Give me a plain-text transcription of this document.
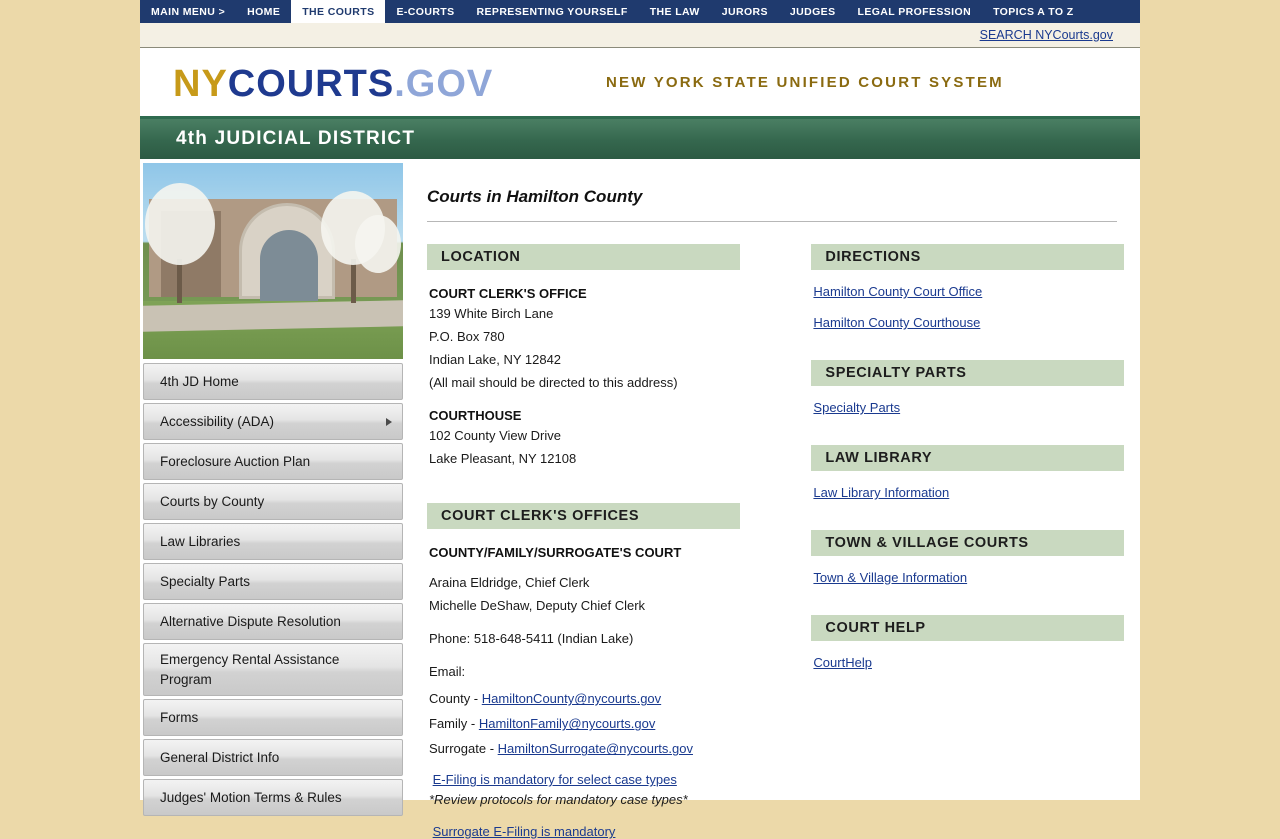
MAIN MENU >	HOME	THE COURTS	E-COURTS	REPRESENTING YOURSELF	THE LAW	JURORS	JUDGES	LEGAL PROFESSION	TOPICS A TO Z
SEARCH NYCourts.gov
NYCOURTS.GOV	NEW YORK STATE UNIFIED COURT SYSTEM
4th JUDICIAL DISTRICT
4th JD Home
Accessibility (ADA)
Foreclosure Auction Plan
Courts by County
Law Libraries
Specialty Parts
Alternative Dispute Resolution
Emergency Rental Assistance Program
Forms
General District Info
Judges' Motion Terms & Rules
Courts in Hamilton County
LOCATION
COURT CLERK'S OFFICE
139 White Birch Lane
P.O. Box 780
Indian Lake, NY 12842
(All mail should be directed to this address)
COURTHOUSE
102 County View Drive
Lake Pleasant, NY 12108
COURT CLERK'S OFFICES
COUNTY/FAMILY/SURROGATE'S COURT
Araina Eldridge, Chief Clerk
Michelle DeShaw, Deputy Chief Clerk
Phone: 518-648-5411 (Indian Lake)
Email:
County - HamiltonCounty@nycourts.gov
Family - HamiltonFamily@nycourts.gov
Surrogate - HamiltonSurrogate@nycourts.gov
E-Filing is mandatory for select case types
*Review protocols for mandatory case types*
Surrogate E-Filing is mandatory
DIRECTIONS
Hamilton County Court Office
Hamilton County Courthouse
SPECIALTY PARTS
Specialty Parts
LAW LIBRARY
Law Library Information
TOWN & VILLAGE COURTS
Town & Village Information
COURT HELP
CourtHelp
